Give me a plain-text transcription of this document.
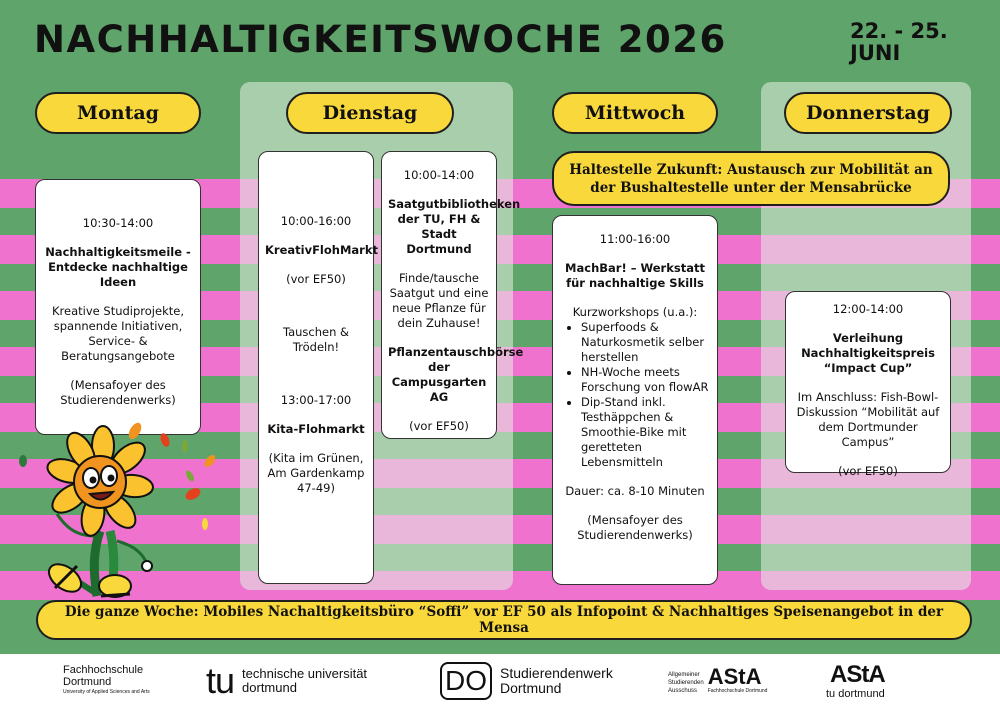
NACHHALTIGKEITSWOCHE 2026	22. - 25.
JUNI
Montag	Dienstag	Mittwoch	Donnerstag

10:30-14:00

Nachhaltigkeitsmeile - Entdecke nachhaltige Ideen

Kreative Studiprojekte, spannende Initiativen, Service- & Beratungsangebote

(Mensafoyer des Studierendenwerks)

10:00-16:00

KreativFlohMarkt

(vor EF50)

Tauschen & Trödeln!

13:00-17:00

Kita-Flohmarkt

(Kita im Grünen, Am Gardenkamp 47-49)

10:00-14:00

Saatgutbibliotheken der TU, FH & Stadt Dortmund

Finde/tausche Saatgut und eine neue Pflanze für dein Zuhause!

Pflanzentauschbörse der Campusgarten AG

(vor EF50)

Haltestelle Zukunft: Austausch zur Mobilität an der Bushaltestelle unter der Mensabrücke

11:00-16:00

MachBar! – Werkstatt für nachhaltige Skills

Kurzworkshops (u.a.):

• Superfoods & Naturkosmetik selber herstellen
• NH-Woche meets Forschung von flowAR
• Dip-Stand inkl. Testhäppchen & Smoothie-Bike mit geretteten Lebensmitteln

Dauer: ca. 8-10 Minuten

(Mensafoyer des Studierendenwerks)

12:00-14:00

Verleihung Nachhaltigkeitspreis “Impact Cup”

Im Anschluss: Fish-Bowl-Diskussion “Mobilität auf dem Dortmunder Campus”

(vor EF50)

Die ganze Woche: Mobiles Nachaltigkeitsbüro “Soffi” vor EF 50 als Infopoint & Nachhaltiges Speisenangebot in der Mensa
Fachhochschule
Dortmund
University of Applied Sciences and Arts tu technische universität
dortmund	DO Studierendenwerk
Dortmund
Allgemeiner
Studierenden
Ausschuss
AStA
Fachhochschule Dortmund
AStA
tu dortmund
